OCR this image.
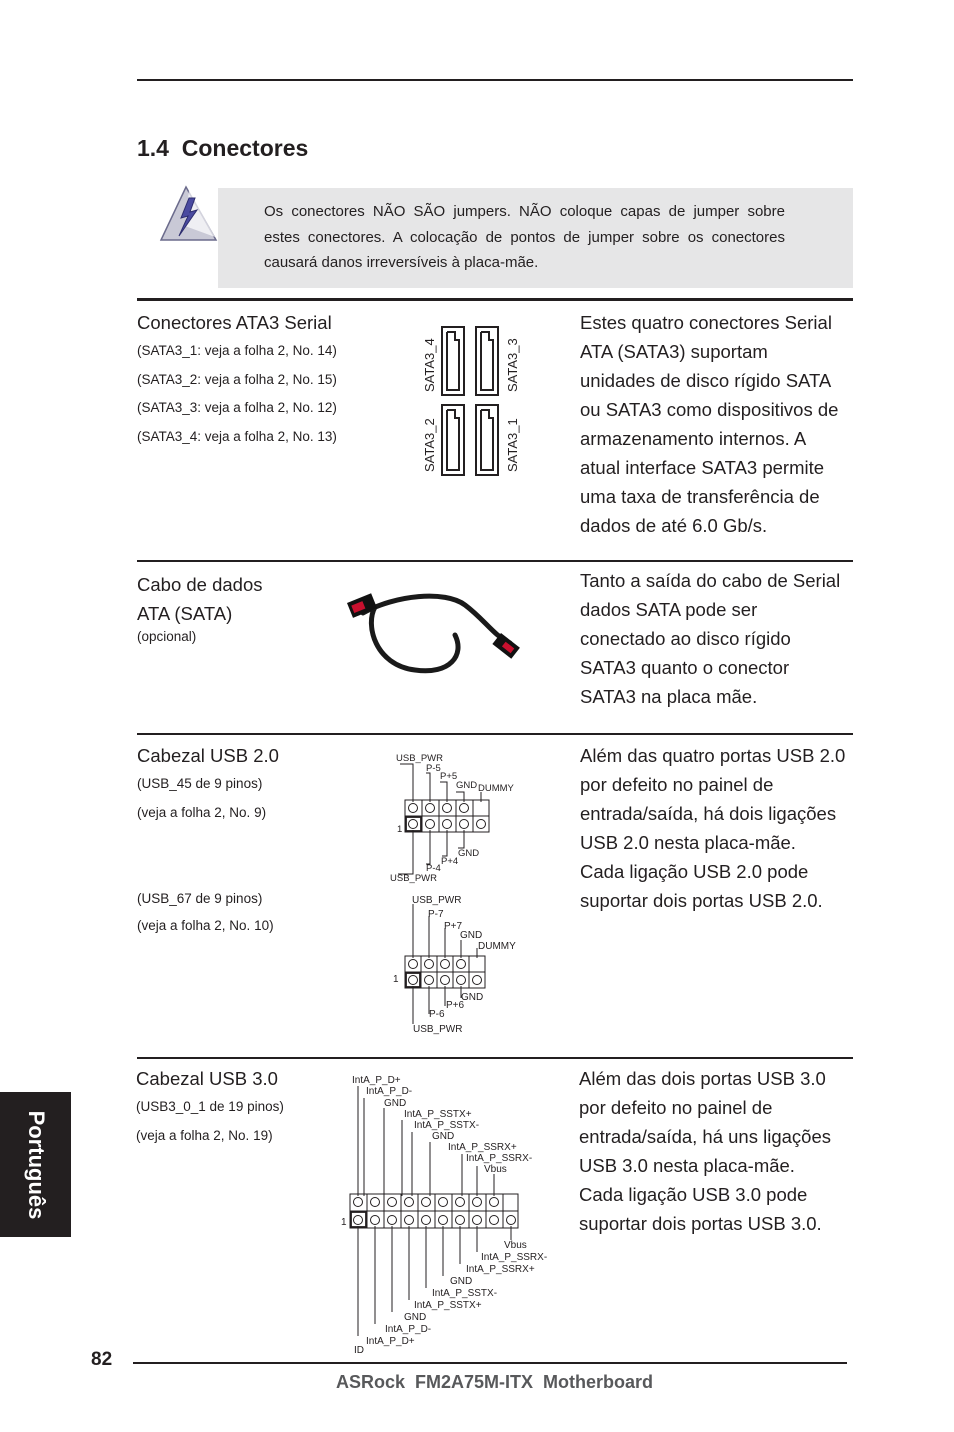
1.4  Conectores
Os conectores NÃO SÃO jumpers. NÃO coloque capas de jumper sobre estes conectores. A colocação de pontos de jumper sobre os conectores causará danos irreversíveis à placa-mãe.
Conectores ATA3 Serial
(SATA3_1: veja a folha 2, No. 14)
(SATA3_2: veja a folha 2, No. 15)
(SATA3_3: veja a folha 2, No. 12)
(SATA3_4: veja a folha 2, No. 13)
SATA3_4	SATA3_3
SATA3_2	SATA3_1
Estes quatro conectores Serial
ATA (SATA3) suportam
unidades de disco rígido SATA
ou SATA3 como dispositivos de
armazenamento internos. A
atual interface SATA3 permite
uma taxa de transferência de
dados de até 6.0 Gb/s.
Cabo de dados
ATA (SATA)
(opcional)
Tanto a saída do cabo de Serial
dados SATA pode ser
conectado ao disco rígido
SATA3 quanto o conector
SATA3 na placa mãe.
Cabezal USB 2.0
(USB_45 de 9 pinos)
(veja a folha 2, No. 9)
(USB_67 de 9 pinos)
(veja a folha 2, No. 10)
USB_PWR
P-5
P+5
GND DUMMY
1
GND
P+4
P-4
USB_PWR
USB_PWR
P-7
P+7
GND
DUMMY
1
GND
P+6
P-6
USB_PWR
Além das quatro portas USB 2.0
por defeito no painel de
entrada/saída, há dois ligações
USB 2.0 nesta placa-mãe.
Cada ligação USB 2.0 pode
suportar dois portas USB 2.0.
Cabezal USB 3.0
(USB3_0_1 de 19 pinos)
(veja a folha 2, No. 19)
IntA_P_D+
IntA_P_D-
GND
IntA_P_SSTX+
IntA_P_SSTX-
GND
IntA_P_SSRX+
IntA_P_SSRX-
Vbus
1
Vbus
IntA_P_SSRX-
IntA_P_SSRX+
GND
IntA_P_SSTX-
IntA_P_SSTX+
GND
IntA_P_D-
IntA_P_D+
ID
Além das dois portas USB 3.0
por defeito no painel de
entrada/saída, há uns ligações
USB 3.0 nesta placa-mãe.
Cada ligação USB 3.0 pode
suportar dois portas USB 3.0.
Português
82
ASRock  FM2A75M-ITX  Motherboard
